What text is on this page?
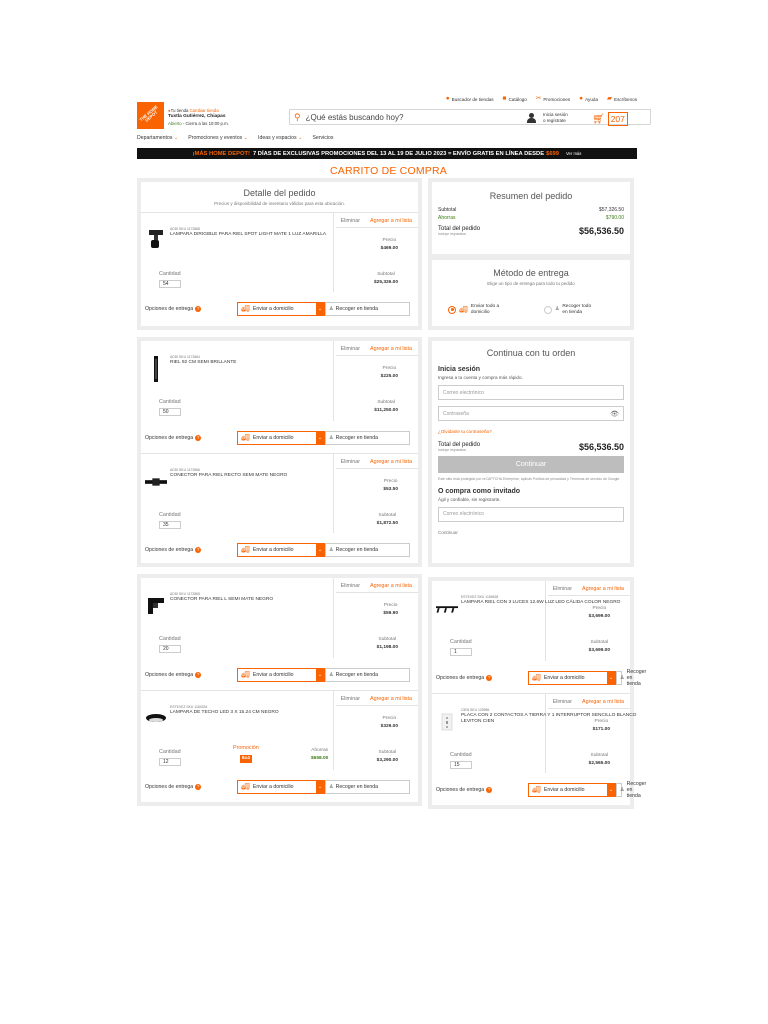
● Buscador de tiendas ■ Catálogo ✂ Promociones ● Ayuda ▰ Escríbenos
THE HOME DEPOT	●Tu tienda Cambiar tienda
Tuxtla Gutiérrez, Chiapas
Abierto - Cierra a las 10:00 p.m.
⚲ ¿Qué estás buscando hoy?	Inicia sesión
o regístrate	🛒︎ 207
Departamentos ⌄ Promociones y eventos ⌄ Ideas y espacios ⌄ Servicios
¡MÁS HOME DEPOT! 7 DÍAS DE EXCLUSIVAS PROMOCIONES DEL 13 AL 19 DE JULIO 2023 = ENVÍO GRATIS EN LÍNEA DESDE $699 Ver más
CARRITO DE COMPRA
Detalle del pedido
Precios y disponibilidad de inventario válidos para esta ubicación.
Eliminar Agregar a mi lista
ADDI SKU 1172868
LAMPARA DIRIGIBLE PARA RIEL SPOT LIGHT MATE 1 LUZ AMARILLA
Precio
$469.00
Cantidad
54
Subtotal
$25,326.00
Opciones de entrega ?	🚚︎ Enviar a domicilio	⌄	♙ Recoger en tienda
Resumen del pedido
Subtotal	$57,326.50
Ahorras	$790.00
Total del pedido
Incluye impuestos	$56,536.50
Método de entrega
Elige un tipo de entrega para todo tu pedido
🚚︎
Enviar todo a
domicilio	♙
Recoger todo
en tienda
Eliminar Agregar a mi lista
ADDI SKU 1172864
RIEL 92 CM SEMI BRILLANTE
Precio
$225.00
Cantidad
50
Subtotal
$11,250.00
Opciones de entrega ?	🚚︎ Enviar a domicilio	⌄	♙ Recoger en tienda
Eliminar Agregar a mi lista
ADDI SKU 1172866
CONECTOR PARA RIEL RECTO SEMI MATE NEGRO
Precio
$53.50
Cantidad
35
Subtotal
$1,872.50
Opciones de entrega ?	🚚︎ Enviar a domicilio	⌄	♙ Recoger en tienda
Continua con tu orden
Inicia sesión
Ingresa a tu cuenta y compra más rápido.
Correo electrónico
Contraseña	👁︎
¿Olvidaste tu contraseña?
Total del pedido
Incluye impuestos	$56,536.50
Continuar
Este sitio está protegido por reCAPTCHA Enterprise, aplican Política de privacidad y Términos de servicio de Google.
O compra como invitado
Ágil y confiable, sin registrarte.
Correo electrónico
Continuar
Eliminar Agregar a mi lista
ADDI SKU 1172865
CONECTOR PARA RIEL L SEMI MATE NEGRO
Precio
$59.90
Cantidad
20
Subtotal
$1,198.00
Opciones de entrega ?	🚚︎ Enviar a domicilio	⌄	♙ Recoger en tienda
Eliminar Agregar a mi lista
ESTEVEZ SKU 1164334
LAMPARA DE TECHO LED 3 X 15.24 CM NEGRO
Precio
$329.00
Cantidad
12
Promoción
6x4
Ahorras
$658.00
Subtotal
$3,290.00
Opciones de entrega ?	🚚︎ Enviar a domicilio	⌄	♙ Recoger en tienda
Eliminar Agregar a mi lista
ESTEVEZ SKU 1169628
LAMPARA RIEL CON 3 LUCES 12.6W LUZ LED CÁLIDA COLOR NEGRO
Precio
$3,699.00
Cantidad
1
Subtotal
$3,699.00
Opciones de entrega ?	🚚︎ Enviar a domicilio	⌄	♙
Recoger en tienda
Eliminar Agregar a mi lista
CIEN SKU 125956
PLACA CON 2 CONTACTOS A TIERRA Y 1 INTERRUPTOR SENCILLO BLANCO LEVITON CIEN	Precio
$171.00
Cantidad
15
Subtotal
$2,565.00
Opciones de entrega ?	🚚︎ Enviar a domicilio	⌄	♙
Recoger en tienda
